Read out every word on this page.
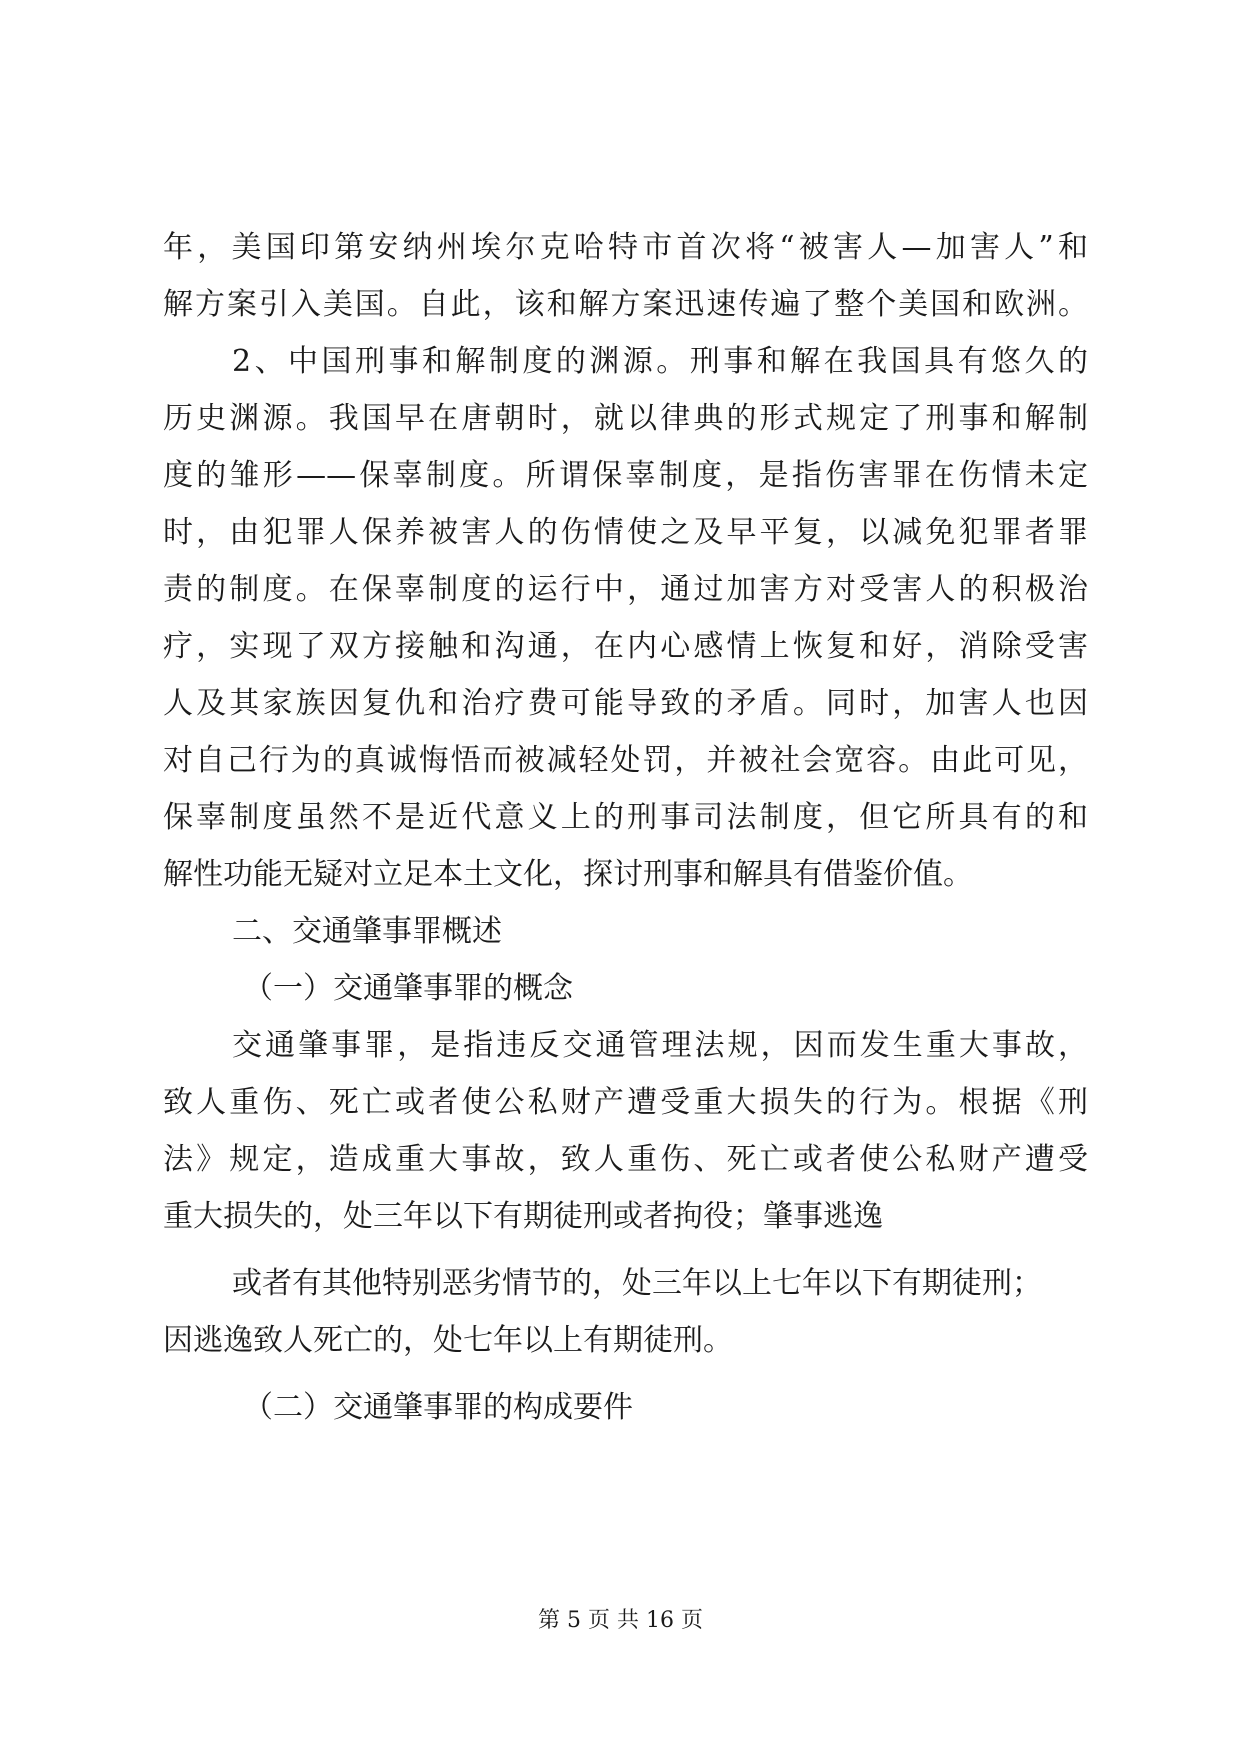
年，美国印第安纳州埃尔克哈特市首次将“被害人—加害人”和
解方案引入美国。自此，该和解方案迅速传遍了整个美国和欧洲。
2、中国刑事和解制度的渊源。刑事和解在我国具有悠久的
历史渊源。我国早在唐朝时，就以律典的形式规定了刑事和解制
度的雏形——保辜制度。所谓保辜制度，是指伤害罪在伤情未定
时，由犯罪人保养被害人的伤情使之及早平复，以减免犯罪者罪
责的制度。在保辜制度的运行中，通过加害方对受害人的积极治
疗，实现了双方接触和沟通，在内心感情上恢复和好，消除受害
人及其家族因复仇和治疗费可能导致的矛盾。同时，加害人也因
对自己行为的真诚悔悟而被减轻处罚，并被社会宽容。由此可见，
保辜制度虽然不是近代意义上的刑事司法制度，但它所具有的和
解性功能无疑对立足本土文化，探讨刑事和解具有借鉴价值。
二、交通肇事罪概述
（一）交通肇事罪的概念
交通肇事罪，是指违反交通管理法规，因而发生重大事故，
致人重伤、死亡或者使公私财产遭受重大损失的行为。根据《刑
法》规定，造成重大事故，致人重伤、死亡或者使公私财产遭受
重大损失的，处三年以下有期徒刑或者拘役；肇事逃逸
或者有其他特别恶劣情节的，处三年以上七年以下有期徒刑；
因逃逸致人死亡的，处七年以上有期徒刑。
（二）交通肇事罪的构成要件
第 5 页 共 16 页
